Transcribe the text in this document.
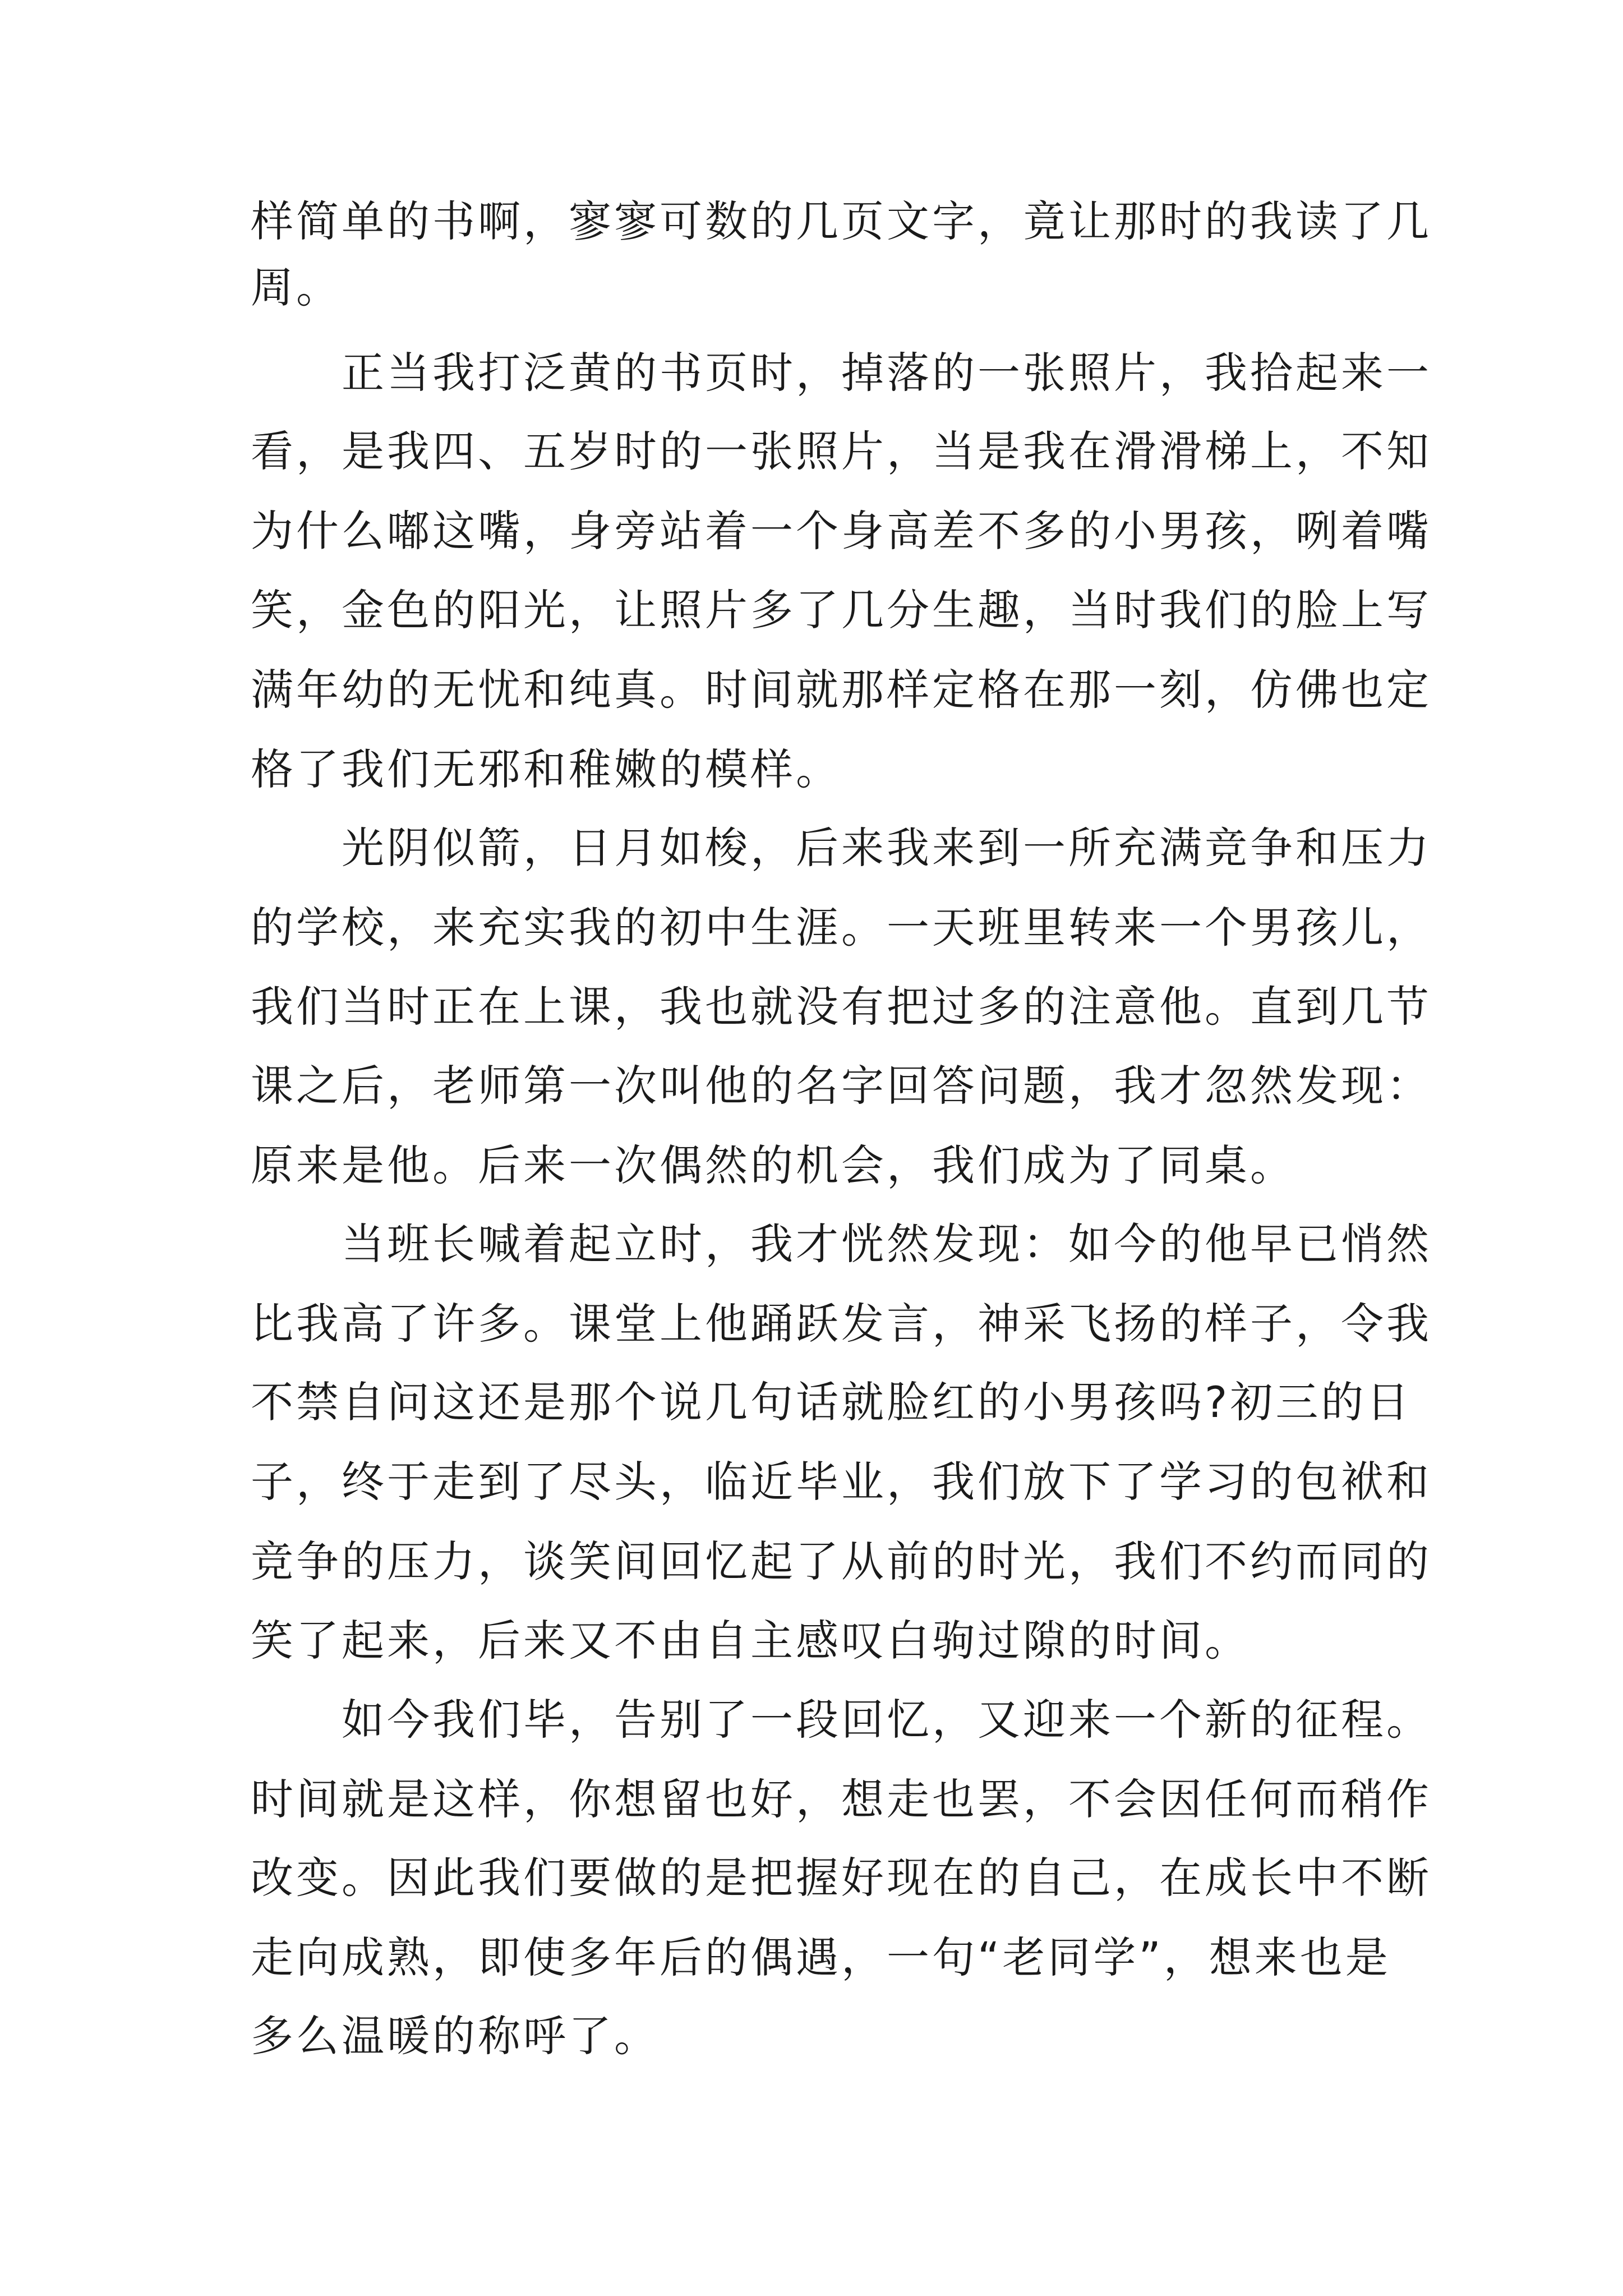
样简单的书啊，寥寥可数的几页文字，竟让那时的我读了几
周。
　　正当我打泛黄的书页时，掉落的一张照片，我拾起来一
看，是我四、五岁时的一张照片，当是我在滑滑梯上，不知
为什么嘟这嘴，身旁站着一个身高差不多的小男孩，咧着嘴
笑，金色的阳光，让照片多了几分生趣，当时我们的脸上写
满年幼的无忧和纯真。时间就那样定格在那一刻，仿佛也定
格了我们无邪和稚嫩的模样。
　　光阴似箭，日月如梭，后来我来到一所充满竞争和压力
的学校，来充实我的初中生涯。一天班里转来一个男孩儿，
我们当时正在上课，我也就没有把过多的注意他。直到几节
课之后，老师第一次叫他的名字回答问题，我才忽然发现：
原来是他。后来一次偶然的机会，我们成为了同桌。
　　当班长喊着起立时，我才恍然发现：如今的他早已悄然
比我高了许多。课堂上他踊跃发言，神采飞扬的样子，令我
不禁自问这还是那个说几句话就脸红的小男孩吗?初三的日
子，终于走到了尽头，临近毕业，我们放下了学习的包袱和
竞争的压力，谈笑间回忆起了从前的时光，我们不约而同的
笑了起来，后来又不由自主感叹白驹过隙的时间。
　　如今我们毕，告别了一段回忆，又迎来一个新的征程。
时间就是这样，你想留也好，想走也罢，不会因任何而稍作
改变。因此我们要做的是把握好现在的自己，在成长中不断
走向成熟，即使多年后的偶遇，一句“老同学”，想来也是
多么温暖的称呼了。
